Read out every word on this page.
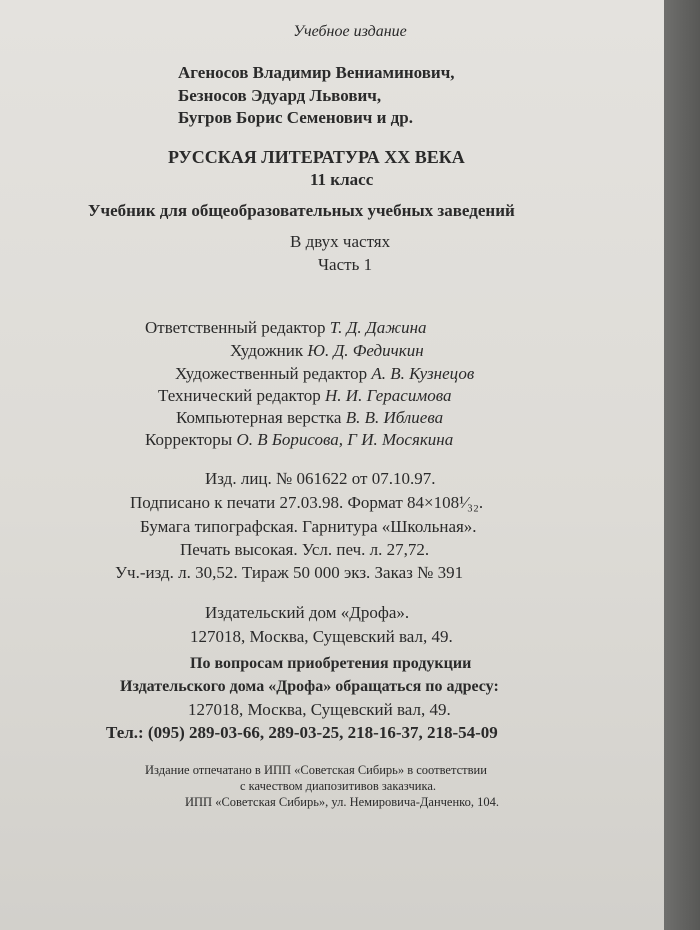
Учебное издание
Агеносов Владимир Вениаминович,
Безносов Эдуард Львович,
Бугров Борис Семенович и др.
РУССКАЯ ЛИТЕРАТУРА XX ВЕКА
11 класс
Учебник для общеобразовательных учебных заведений
В двух частях
Часть 1
Ответственный редактор Т. Д. Дажина
Художник Ю. Д. Федичкин
Художественный редактор А. В. Кузнецов
Технический редактор Н. И. Герасимова
Компьютерная верстка В. В. Иблиева
Корректоры О. В Борисова, Г И. Мосякина
Изд. лиц. № 061622 от 07.10.97.
Подписано к печати 27.03.98. Формат 84×108¹⁄₃₂.
Бумага типографская. Гарнитура «Школьная».
Печать высокая. Усл. печ. л. 27,72.
Уч.-изд. л. 30,52. Тираж 50 000 экз. Заказ № 391
Издательский дом «Дрофа».
127018, Москва, Сущевский вал, 49.
По вопросам приобретения продукции
Издательского дома «Дрофа» обращаться по адресу:
127018, Москва, Сущевский вал, 49.
Тел.: (095) 289-03-66, 289-03-25, 218-16-37, 218-54-09
Издание отпечатано в ИПП «Советская Сибирь» в соответствии
с качеством диапозитивов заказчика.
ИПП «Советская Сибирь», ул. Немировича-Данченко, 104.
